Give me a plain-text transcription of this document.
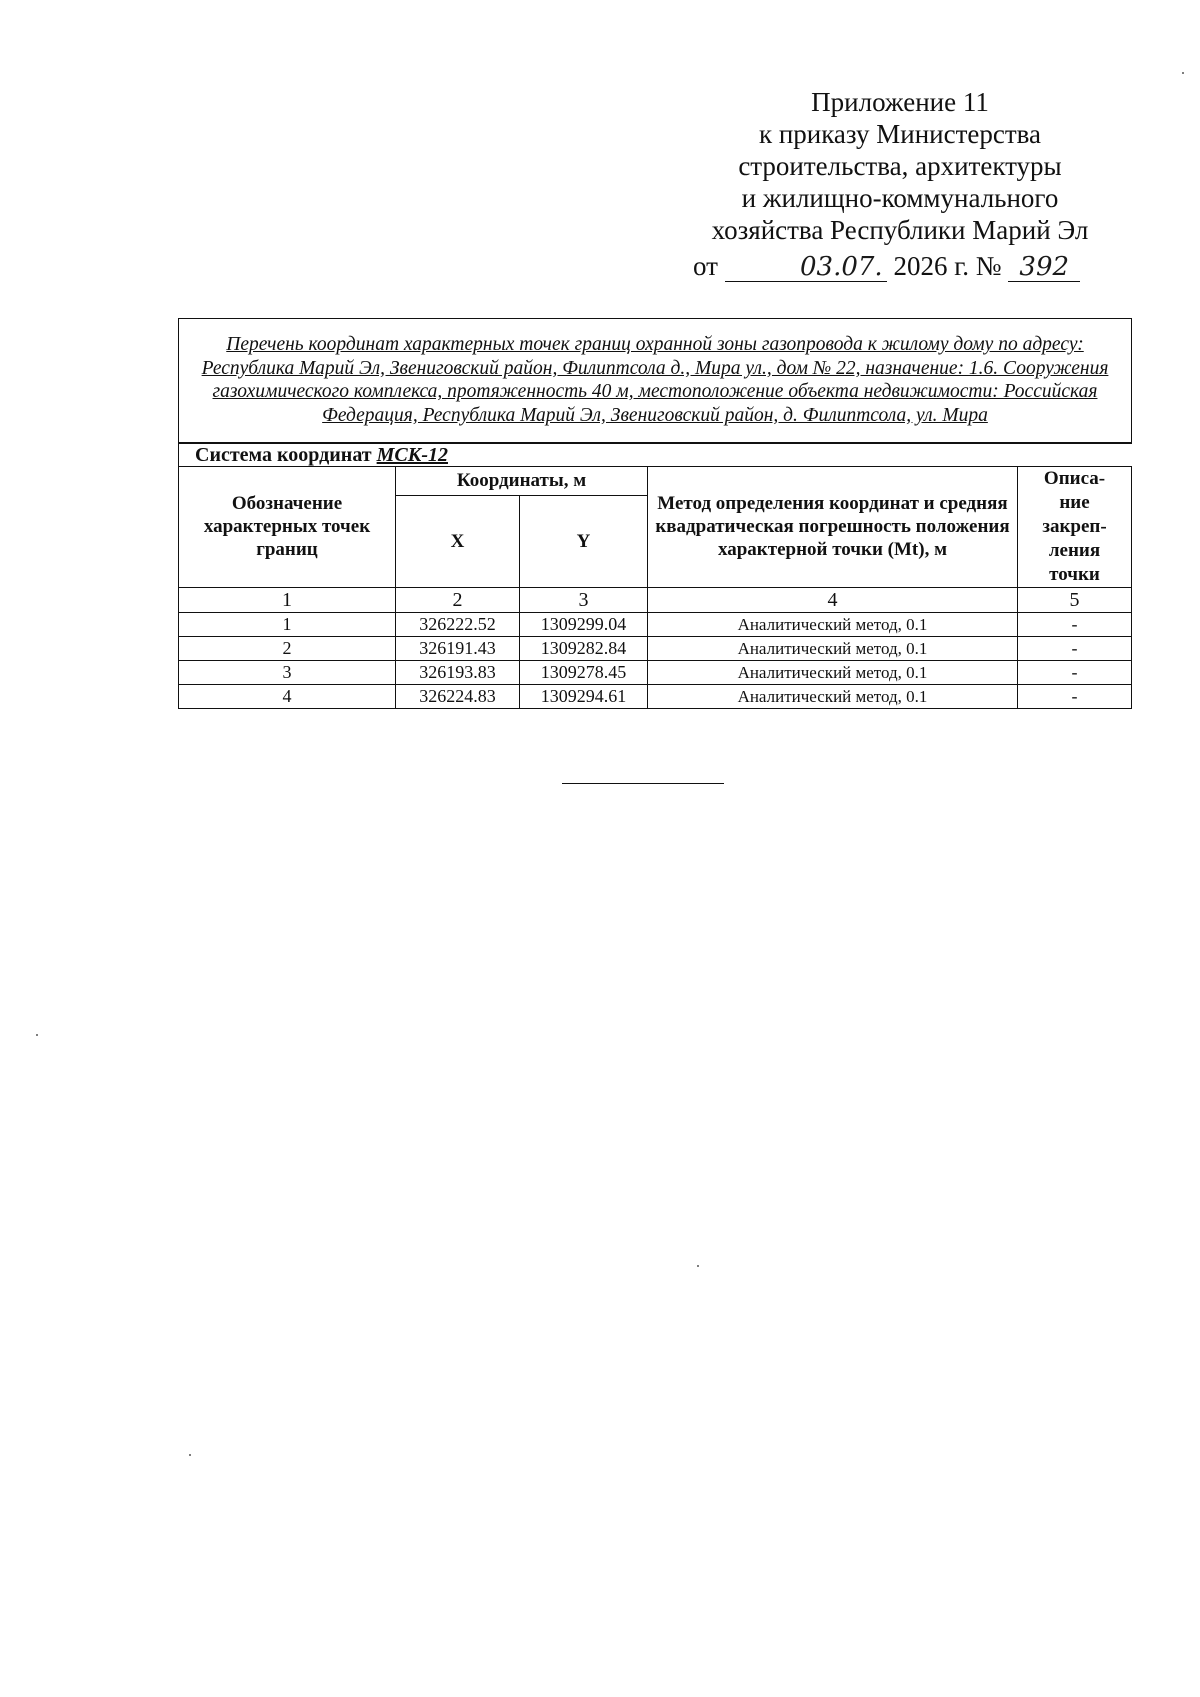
Приложение 11
к приказу Министерства
строительства, архитектуры
и жилищно-коммунального
хозяйства Республики Марий Эл
от	03.07. 2026 г. № 392
Перечень координат характерных точек границ охранной зоны газопровода к жилому дому по адресу: Республика Марий Эл, Звениговский район, Филиптсола д., Мира ул., дом № 22, назначение: 1.6. Сооружения газохимического комплекса, протяженность 40 м, местоположение объекта недвижимости: Российская Федерация, Республика Марий Эл, Звениговский район, д. Филиптсола, ул. Мира				
Система координат МСК-12				
Обозначение характерных точек границ	Координаты, м		Метод определения координат и средняя квадратическая погрешность положения характерной точки (Mt), м	Описа-
ние
закреп-
ления
точки

	X	Y		
1	2	3	4	5
1	326222.52	1309299.04	Аналитический метод, 0.1	-
2	326191.43	1309282.84	Аналитический метод, 0.1	-
3	326193.83	1309278.45	Аналитический метод, 0.1	-
4	326224.83	1309294.61	Аналитический метод, 0.1	-
